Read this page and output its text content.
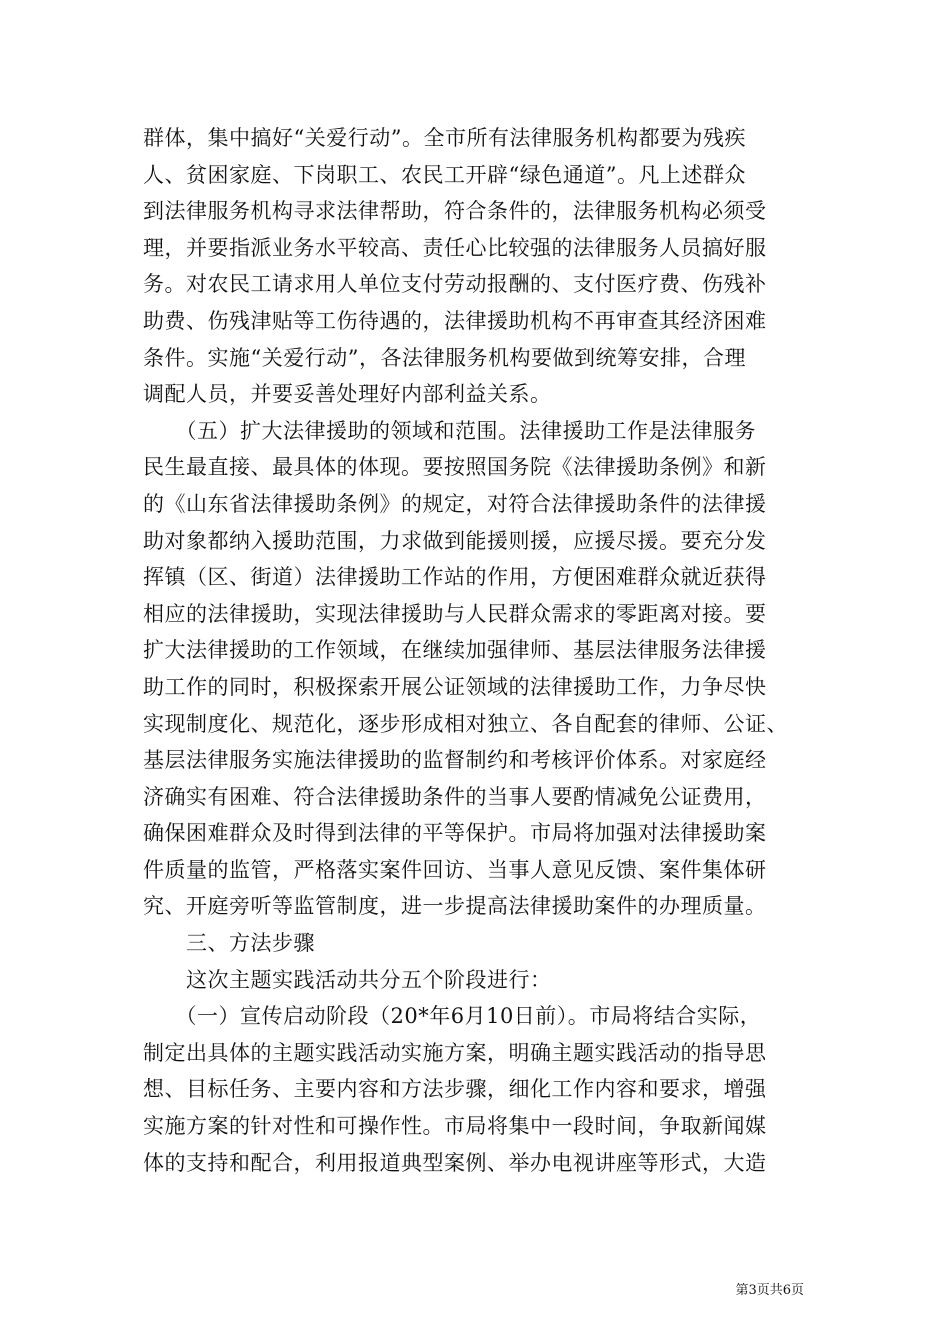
群体，集中搞好“关爱行动”。全市所有法律服务机构都要为残疾
人、贫困家庭、下岗职工、农民工开辟“绿色通道”。凡上述群众
到法律服务机构寻求法律帮助，符合条件的，法律服务机构必须受
理，并要指派业务水平较高、责任心比较强的法律服务人员搞好服
务。对农民工请求用人单位支付劳动报酬的、支付医疗费、伤残补
助费、伤残津贴等工伤待遇的，法律援助机构不再审查其经济困难
条件。实施“关爱行动”，各法律服务机构要做到统筹安排，合理
调配人员，并要妥善处理好内部利益关系。
　　（五）扩大法律援助的领域和范围。法律援助工作是法律服务
民生最直接、最具体的体现。要按照国务院《法律援助条例》和新
的《山东省法律援助条例》的规定，对符合法律援助条件的法律援
助对象都纳入援助范围，力求做到能援则援，应援尽援。要充分发
挥镇（区、街道）法律援助工作站的作用，方便困难群众就近获得
相应的法律援助，实现法律援助与人民群众需求的零距离对接。要
扩大法律援助的工作领域，在继续加强律师、基层法律服务法律援
助工作的同时，积极探索开展公证领域的法律援助工作，力争尽快
实现制度化、规范化，逐步形成相对独立、各自配套的律师、公证、
基层法律服务实施法律援助的监督制约和考核评价体系。对家庭经
济确实有困难、符合法律援助条件的当事人要酌情减免公证费用，
确保困难群众及时得到法律的平等保护。市局将加强对法律援助案
件质量的监管，严格落实案件回访、当事人意见反馈、案件集体研
究、开庭旁听等监管制度，进一步提高法律援助案件的办理质量。
　　三、方法步骤
　　这次主题实践活动共分五个阶段进行：
　　（一）宣传启动阶段（20*年6月10日前）。市局将结合实际，
制定出具体的主题实践活动实施方案，明确主题实践活动的指导思
想、目标任务、主要内容和方法步骤，细化工作内容和要求，增强
实施方案的针对性和可操作性。市局将集中一段时间，争取新闻媒
体的支持和配合，利用报道典型案例、举办电视讲座等形式，大造
第3页共6页
